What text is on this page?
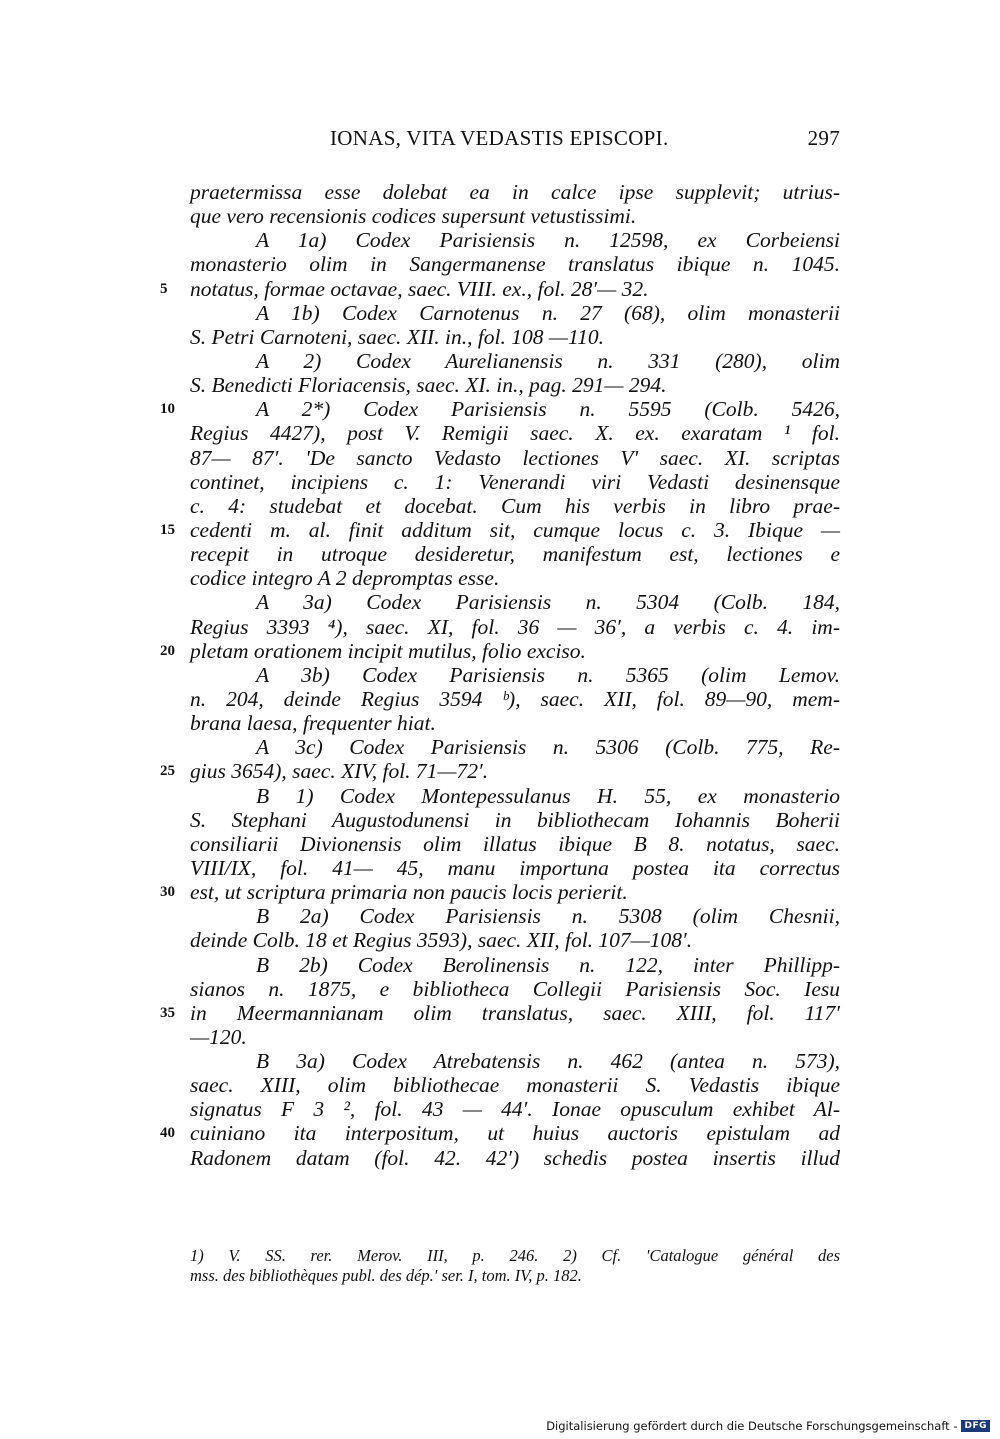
IONAS, VITA VEDASTIS EPISCOPI.	297
praetermissa esse dolebat ea in calce ipse supplevit; utrius-
que vero recensionis codices supersunt vetustissimi.
A 1a) Codex Parisiensis n. 12598, ex Corbeiensi
monasterio olim in Sangermanense translatus ibique n. 1045.
notatus, formae octavae, saec. VIII. ex., fol. 28′— 32.
5
A 1b) Codex Carnotenus n. 27 (68), olim monasterii
S. Petri Carnoteni, saec. XII. in., fol. 108 —110.
A 2) Codex Aurelianensis n. 331 (280), olim
S. Benedicti Floriacensis, saec. XI. in., pag. 291— 294.
A 2*) Codex Parisiensis n. 5595 (Colb. 5426,
10
Regius 4427), post V. Remigii saec. X. ex. exaratam ¹ fol.
87— 87′. 'De sancto Vedasto lectiones V' saec. XI. scriptas
continet, incipiens c. 1: Venerandi viri Vedasti desinensque
c. 4: studebat et docebat. Cum his verbis in libro prae-
cedenti m. al. finit additum sit, cumque locus c. 3. Ibique —
15
recepit in utroque desideretur, manifestum est, lectiones e
codice integro A 2 depromptas esse.
A 3a) Codex Parisiensis n. 5304 (Colb. 184,
Regius 3393 ⁴), saec. XI, fol. 36 — 36′, a verbis c. 4. im-
pletam orationem incipit mutilus, folio exciso.
20
A 3b) Codex Parisiensis n. 5365 (olim Lemov.
n. 204, deinde Regius 3594 ᵇ), saec. XII, fol. 89—90, mem-
brana laesa, frequenter hiat.
A 3c) Codex Parisiensis n. 5306 (Colb. 775, Re-
gius 3654), saec. XIV, fol. 71—72′.
25
B 1) Codex Montepessulanus H. 55, ex monasterio
S. Stephani Augustodunensi in bibliothecam Iohannis Boherii
consiliarii Divionensis olim illatus ibique B 8. notatus, saec.
VIII/IX, fol. 41— 45, manu importuna postea ita correctus
est, ut scriptura primaria non paucis locis perierit.
30
B 2a) Codex Parisiensis n. 5308 (olim Chesnii,
deinde Colb. 18 et Regius 3593), saec. XII, fol. 107—108′.
B 2b) Codex Berolinensis n. 122, inter Phillipp-
sianos n. 1875, e bibliotheca Collegii Parisiensis Soc. Iesu
in Meermannianam olim translatus, saec. XIII, fol. 117′
35
—120.
B 3a) Codex Atrebatensis n. 462 (antea n. 573),
saec. XIII, olim bibliothecae monasterii S. Vedastis ibique
signatus F 3 ², fol. 43 — 44′. Ionae opusculum exhibet Al-
cuiniano ita interpositum, ut huius auctoris epistulam ad
40
Radonem datam (fol. 42. 42′) schedis postea insertis illud
1) V. SS. rer. Merov. III, p. 246. 2) Cf. 'Catalogue général des
mss. des bibliothèques publ. des dép.' ser. I, tom. IV, p. 182.
Digitalisierung gefördert durch die Deutsche Forschungsgemeinschaft - DFG
